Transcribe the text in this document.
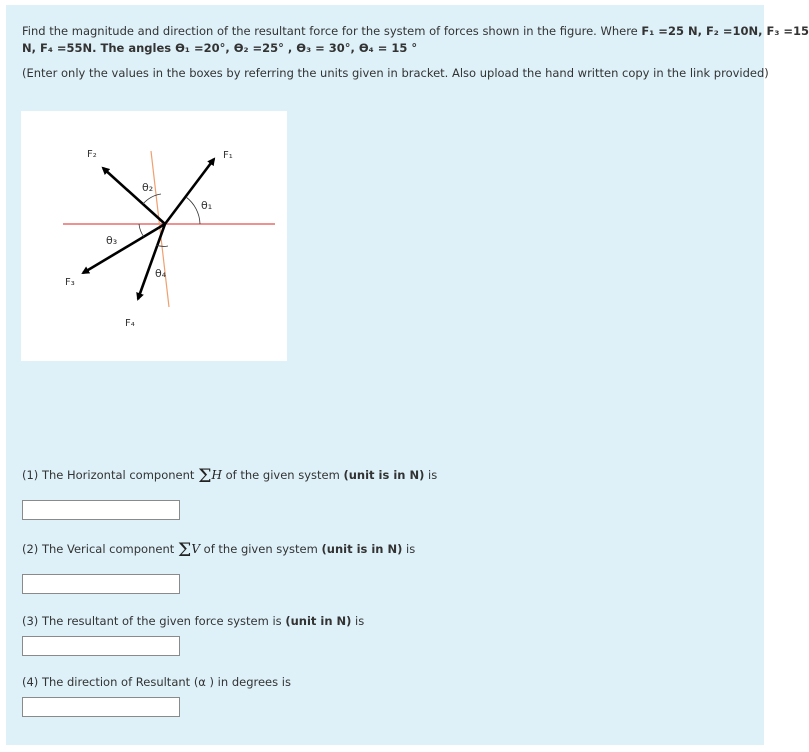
Find the magnitude and direction of the resultant force for the system of forces shown in the figure. Where F₁ =25 N, F₂ =10N, F₃ =15
N, F₄ =55N. The angles ϴ₁ =20°, ϴ₂ =25° , ϴ₃ = 30°, ϴ₄ = 15 °
(Enter only the values in the boxes by referring the units given in bracket. Also upload the hand written copy in the link provided)
F₁
F₂
F₃
F₄
θ₁
θ₂
θ₃
θ₄
(1) The Horizontal component ΣH of the given system (unit is in N) is
(2) The Verical component ΣV of the given system (unit is in N) is
(3) The resultant of the given force system is (unit in N) is
(4) The direction of Resultant (α ) in degrees is
